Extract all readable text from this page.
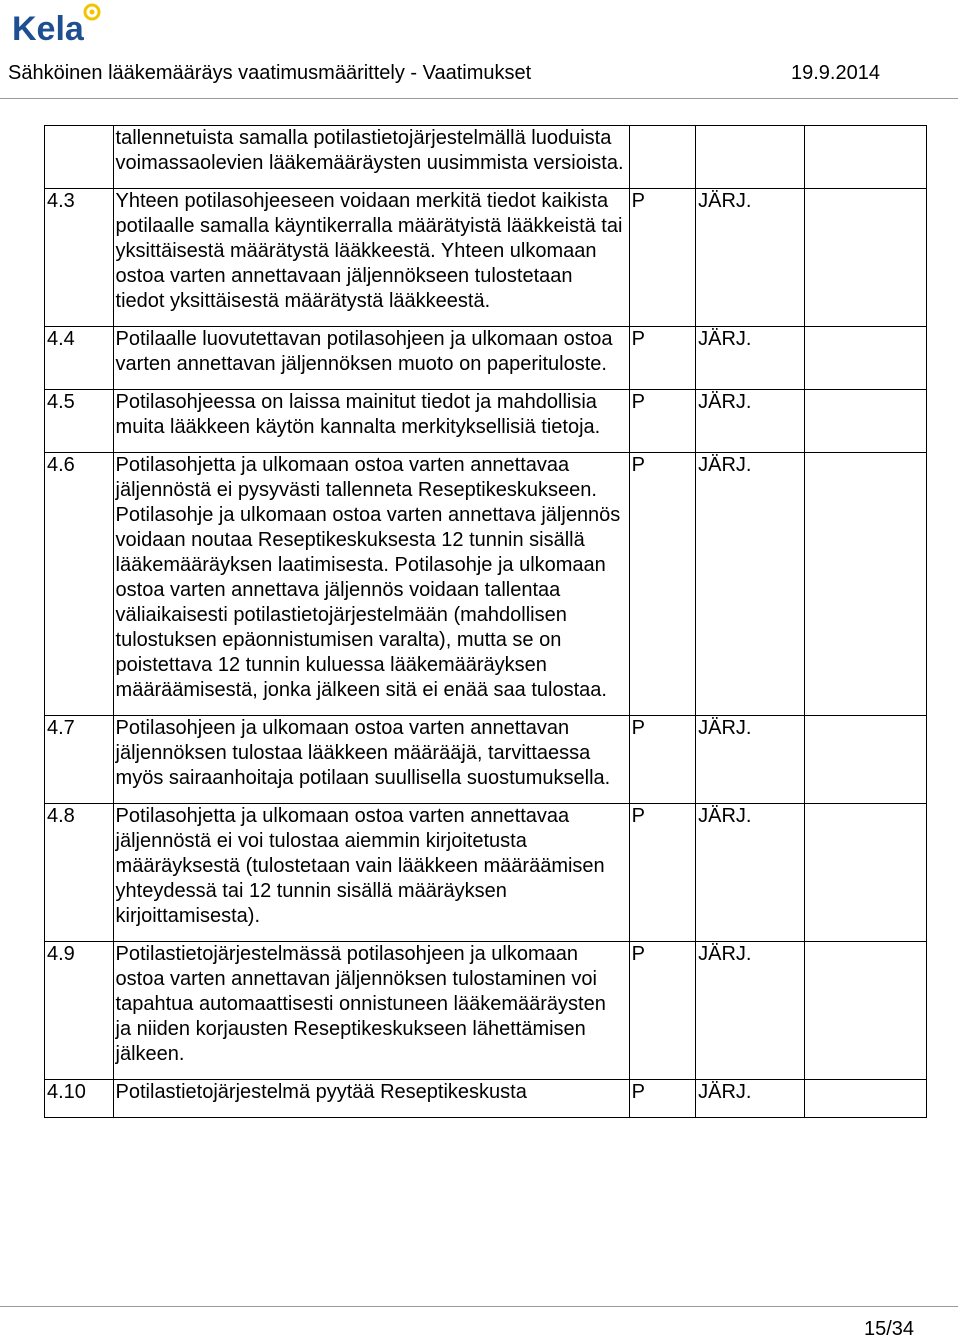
Kela
Sähköinen lääkemääräys vaatimusmäärittely - Vaatimukset	19.9.2014
	tallennetuista samalla potilastietojärjestelmällä luoduista voimassaolevien lääkemääräysten uusimmista versioista.			
4.3	Yhteen potilasohjeeseen voidaan merkitä tiedot kaikista potilaalle samalla käyntikerralla määrätyistä lääkkeistä tai yksittäisestä määrätystä lääkkeestä. Yhteen ulkomaan ostoa varten annettavaan jäljennökseen tulostetaan tiedot yksittäisestä määrätystä lääkkeestä.	P	JÄRJ.	
4.4	Potilaalle luovutettavan potilasohjeen ja ulkomaan ostoa varten annettavan jäljennöksen muoto on paperituloste.	P	JÄRJ.	
4.5	Potilasohjeessa on laissa mainitut tiedot ja mahdollisia muita lääkkeen käytön kannalta merkityksellisiä tietoja.	P	JÄRJ.	
4.6	Potilasohjetta ja ulkomaan ostoa varten annettavaa jäljennöstä ei pysyvästi tallenneta Reseptikeskukseen. Potilasohje ja ulkomaan ostoa varten annettava jäljennös voidaan noutaa Reseptikeskuksesta 12 tunnin sisällä lääkemääräyksen laatimisesta. Potilasohje ja ulkomaan ostoa varten annettava jäljennös voidaan tallentaa väliaikaisesti potilastietojärjestelmään (mahdollisen tulostuksen epäonnistumisen varalta), mutta se on poistettava 12 tunnin kuluessa lääkemääräyksen määräämisestä, jonka jälkeen sitä ei enää saa tulostaa.	P	JÄRJ.	
4.7	Potilasohjeen ja ulkomaan ostoa varten annettavan jäljennöksen tulostaa lääkkeen määrääjä, tarvittaessa myös sairaanhoitaja potilaan suullisella suostumuksella.	P	JÄRJ.	
4.8	Potilasohjetta ja ulkomaan ostoa varten annettavaa jäljennöstä ei voi tulostaa aiemmin kirjoitetusta määräyksestä (tulostetaan vain lääkkeen määräämisen yhteydessä tai 12 tunnin sisällä määräyksen kirjoittamisesta).	P	JÄRJ.	
4.9	Potilastietojärjestelmässä potilasohjeen ja ulkomaan ostoa varten annettavan jäljennöksen tulostaminen voi tapahtua automaattisesti onnistuneen lääkemääräysten ja niiden korjausten Reseptikeskukseen lähettämisen jälkeen.	P	JÄRJ.	
4.10	Potilastietojärjestelmä pyytää Reseptikeskusta	P	JÄRJ.	
15/34
